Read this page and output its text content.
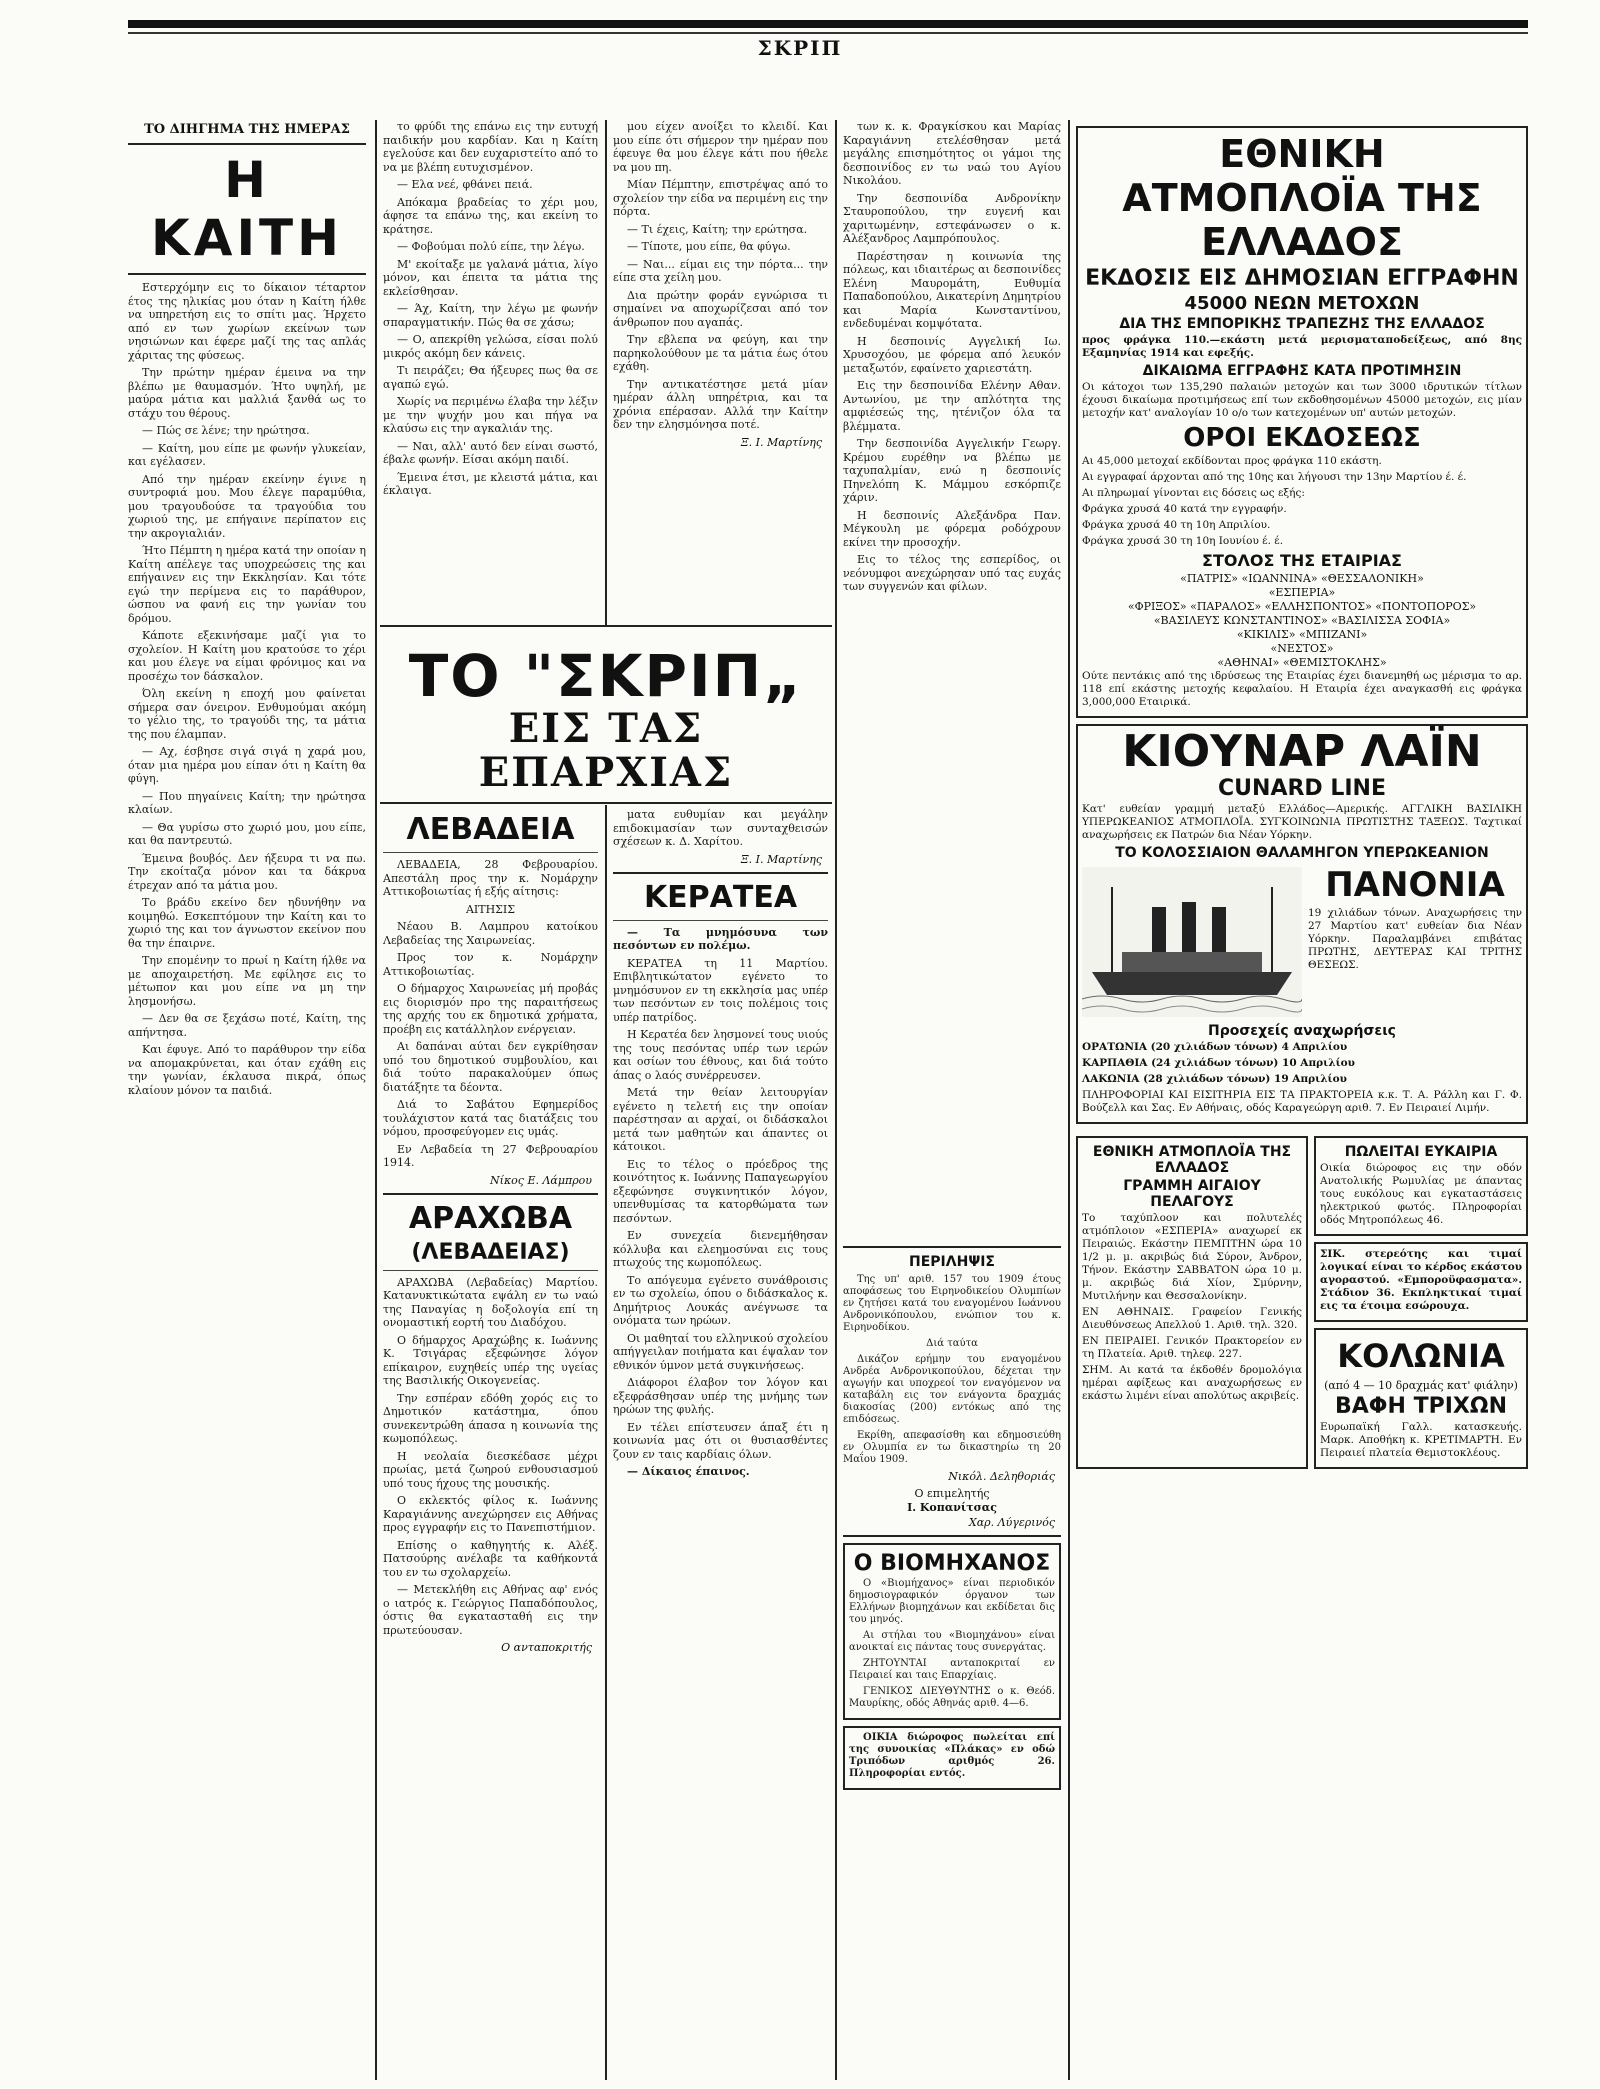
ΣΚΡΙΠ
ΤΟ ΔΙΗΓΗΜΑ ΤΗΣ ΗΜΕΡΑΣ
Η ΚΑΙΤΗ

Εστερχόμην εις το δίκαιον τέταρτον έτος της ηλικίας μου όταν η Καίτη ήλθε να υπηρετήση εις το σπίτι μας. Ήρχετο από εν των χωρίων εκείνων των νησιώνων και έφερε μαζί της τας απλάς χάριτας της φύσεως.

Την πρώτην ημέραν έμεινα να την βλέπω με θαυμασμόν. Ήτο υψηλή, με μαύρα μάτια και μαλλιά ξανθά ως το στάχυ του θέρους.

— Πώς σε λένε; την ηρώτησα.

— Καίτη, μου είπε με φωνήν γλυκείαν, και εγέλασεν.

Από την ημέραν εκείνην έγινε η συντροφιά μου. Μου έλεγε παραμύθια, μου τραγουδούσε τα τραγούδια του χωριού της, με επήγαινε περίπατον εις την ακρογιαλιάν.

Ήτο Πέμπτη η ημέρα κατά την οποίαν η Καίτη απέλεγε τας υποχρεώσεις της και επήγαινεν εις την Εκκλησίαν. Και τότε εγώ την περίμενα εις το παράθυρον, ώσπου να φανή εις την γωνίαν του δρόμου.

Κάποτε εξεκινήσαμε μαζί για το σχολείον. Η Καίτη μου κρατούσε το χέρι και μου έλεγε να είμαι φρόνιμος και να προσέχω τον δάσκαλον.

Όλη εκείνη η εποχή μου φαίνεται σήμερα σαν όνειρον. Ενθυμούμαι ακόμη το γέλιο της, το τραγούδι της, τα μάτια της που έλαμπαν.

— Αχ, έσβησε σιγά σιγά η χαρά μου, όταν μια ημέρα μου είπαν ότι η Καίτη θα φύγη.

— Που πηγαίνεις Καίτη; την ηρώτησα κλαίων.

— Θα γυρίσω στο χωριό μου, μου είπε, και θα παντρευτώ.

Έμεινα βουβός. Δεν ήξευρα τι να πω. Την εκοίταζα μόνον και τα δάκρυα έτρεχαν από τα μάτια μου.

Το βράδυ εκείνο δεν ηδυνήθην να κοιμηθώ. Εσκεπτόμουν την Καίτη και το χωριό της και τον άγνωστον εκείνον που θα την έπαιρνε.

Την επομένην το πρωί η Καίτη ήλθε να με αποχαιρετήση. Με εφίλησε εις το μέτωπον και μου είπε να μη την λησμονήσω.

— Δεν θα σε ξεχάσω ποτέ, Καίτη, της απήντησα.

Και έφυγε. Από το παράθυρον την είδα να απομακρύνεται, και όταν εχάθη εις την γωνίαν, έκλαυσα πικρά, όπως κλαίουν μόνον τα παιδιά.

το φρύδι της επάνω εις την ευτυχή παιδικήν μου καρδίαν. Και η Καίτη εγελούσε και δεν ευχαριστείτο από το να με βλέπη ευτυχισμένον.

— Ελα νεέ, φθάνει πειά.

Απόκαμα βραδείας το χέρι μου, άφησε τα επάνω της, και εκείνη το κράτησε.

— Φοβούμαι πολύ είπε, την λέγω.

Μ' εκοίταξε με γαλανά μάτια, λίγο μόνον, και έπειτα τα μάτια της εκλείσθησαν.

— Άχ, Καίτη, την λέγω με φωνήν σπαραγματικήν. Πώς θα σε χάσω;

— Ο, απεκρίθη γελώσα, είσαι πολύ μικρός ακόμη δεν κάνεις.

Τι πειράζει; Θα ήξευρες πως θα σε αγαπώ εγώ.

Χωρίς να περιμένω έλαβα την λέξιν με την ψυχήν μου και πήγα να κλαύσω εις την αγκαλιάν της.

— Ναι, αλλ' αυτό δεν είναι σωστό, έβαλε φωνήν. Είσαι ακόμη παιδί.

Έμεινα έτσι, με κλειστά μάτια, και έκλαιγα.

μου είχεν ανοίξει το κλειδί. Και μου είπε ότι σήμερον την ημέραν που έφευγε θα μου έλεγε κάτι που ήθελε να μου πη.

Μίαν Πέμπτην, επιστρέψας από το σχολείον την είδα να περιμένη εις την πόρτα.

— Τι έχεις, Καίτη; την ερώτησα.

— Τίποτε, μου είπε, θα φύγω.

— Ναι... είμαι εις την πόρτα... την είπε στα χείλη μου.

Δια πρώτην φοράν εγνώρισα τι σημαίνει να αποχωρίζεσαι από τον άνθρωπον που αγαπάς.

Την εβλεπα να φεύγη, και την παρηκολούθουν με τα μάτια έως ότου εχάθη.

Την αντικατέστησε μετά μίαν ημέραν άλλη υπηρέτρια, και τα χρόνια επέρασαν. Αλλά την Καίτην δεν την ελησμόνησα ποτέ.

Ξ. Ι. Μαρτίνης
ΤΟ "ΣΚΡΙΠ„
ΕΙΣ ΤΑΣ ΕΠΑΡΧΙΑΣ

των κ. κ. Φραγκίσκου και Μαρίας Καραγιάννη ετελέσθησαν μετά μεγάλης επισημότητος οι γάμοι της δεσποινίδος εν τω ναώ του Αγίου Νικολάου.

Την δεσποινίδα Ανδρονίκην Σταυροπούλου, την ευγενή και χαριτωμένην, εστεφάνωσεν ο κ. Αλέξανδρος Λαμπρόπουλος.

Παρέστησαν η κοινωνία της πόλεως, και ιδιαιτέρως αι δεσποινίδες Ελένη Μαυρομάτη, Ευθυμία Παπαδοπούλου, Αικατερίνη Δημητρίου και Μαρία Κωνσταντίνου, ενδεδυμέναι κομψότατα.

Η δεσποινίς Αγγελική Ιω. Χρυσοχόου, με φόρεμα από λευκόν μεταξωτόν, εφαίνετο χαριεστάτη.

Εις την δεσποινίδα Ελένην Αθαν. Αντωνίου, με την απλότητα της αμφιέσεώς της, ητένιζον όλα τα βλέμματα.

Την δεσποινίδα Αγγελικήν Γεωργ. Κρέμου ευρέθην να βλέπω με ταχυπαλμίαν, ενώ η δεσποινίς Πηνελόπη Κ. Μάμμου εσκόρπιζε χάριν.

Η δεσποινίς Αλεξάνδρα Παν. Μέγκουλη με φόρεμα ροδόχρουν εκίνει την προσοχήν.

Εις το τέλος της εσπερίδος, οι νεόνυμφοι ανεχώρησαν υπό τας ευχάς των συγγενών και φίλων.

ΛΕΒΑΔΕΙΑ

ΛΕΒΑΔΕΙΑ, 28 Φεβρουαρίου. Απεστάλη προς την κ. Νομάρχην Αττικοβοιωτίας ή εξής αίτησις:

ΑΙΤΗΣΙΣ

Νέαου Β. Λαμπρου κατοίκου Λεβαδείας της Χαιρωνείας.

Προς τον κ. Νομάρχην Αττικοβοιωτίας.

Ο δήμαρχος Χαιρωνείας μή προβάς εις διορισμόν προ της παραιτήσεως της αρχής του εκ δημοτικά χρήματα, προέβη εις κατάλληλον ενέργειαν.

Αι δαπάναι αύται δεν εγκρίθησαν υπό του δημοτικού συμβουλίου, και διά τούτο παρακαλούμεν όπως διατάξητε τα δέοντα.

Διά το Σαβάτου Εφημερίδος τουλάχιστον κατά τας διατάξεις του νόμου, προσφεύγομεν εις υμάς.

Εν Λεβαδεία τη 27 Φεβρουαρίου 1914.

Νίκος Ε. Λάμπρου
ΑΡΑΧΩΒΑ
(ΛΕΒΑΔΕΙΑΣ)

ΑΡΑΧΩΒΑ (Λεβαδείας) Μαρτίου. Κατανυκτικώτατα εψάλη εν τω ναώ της Παναγίας η δοξολογία επί τη ονομαστική εορτή του Διαδόχου.

Ο δήμαρχος Αραχώβης κ. Ιωάννης Κ. Τσιγάρας εξεφώνησε λόγον επίκαιρον, ευχηθείς υπέρ της υγείας της Βασιλικής Οικογενείας.

Την εσπέραν εδόθη χορός εις το Δημοτικόν κατάστημα, όπου συνεκεντρώθη άπασα η κοινωνία της κωμοπόλεως.

Η νεολαία διεσκέδασε μέχρι πρωίας, μετά ζωηρού ενθουσιασμού υπό τους ήχους της μουσικής.

Ο εκλεκτός φίλος κ. Ιωάννης Καραγιάννης ανεχώρησεν εις Αθήνας προς εγγραφήν εις το Πανεπιστήμιον.

Επίσης ο καθηγητής κ. Αλέξ. Πατσούρης ανέλαβε τα καθήκοντά του εν τω σχολαρχείω.

— Μετεκλήθη εις Αθήνας αφ' ενός ο ιατρός κ. Γεώργιος Παπαδόπουλος, όστις θα εγκατασταθή εις την πρωτεύουσαν.

Ο ανταποκριτής

ματα ευθυμίαν και μεγάλην επιδοκιμασίαν των συνταχθεισών σχέσεων κ. Δ. Χαρίτου.

Ξ. Ι. Μαρτίνης
ΚΕΡΑΤΕΑ

— Τα μνημόσυνα των πεσόντων εν πολέμω.

ΚΕΡΑΤΕΑ τη 11 Μαρτίου. Επιβλητικώτατον εγένετο το μνημόσυνον εν τη εκκλησία μας υπέρ των πεσόντων εν τοις πολέμοις τοις υπέρ πατρίδος.

Η Κερατέα δεν λησμονεί τους υιούς της τους πεσόντας υπέρ των ιερών και οσίων του έθνους, και διά τούτο άπας ο λαός συνέρρευσεν.

Μετά την θείαν λειτουργίαν εγένετο η τελετή εις την οποίαν παρέστησαν αι αρχαί, οι διδάσκαλοι μετά των μαθητών και άπαντες οι κάτοικοι.

Εις το τέλος ο πρόεδρος της κοινότητος κ. Ιωάννης Παπαγεωργίου εξεφώνησε συγκινητικόν λόγον, υπενθυμίσας τα κατορθώματα των πεσόντων.

Εν συνεχεία διενεμήθησαν κόλλυβα και ελεημοσύναι εις τους πτωχούς της κωμοπόλεως.

Το απόγευμα εγένετο συνάθροισις εν τω σχολείω, όπου ο διδάσκαλος κ. Δημήτριος Λουκάς ανέγνωσε τα ονόματα των ηρώων.

Οι μαθηταί του ελληνικού σχολείου απήγγειλαν ποιήματα και έψαλαν τον εθνικόν ύμνον μετά συγκινήσεως.

Διάφοροι έλαβον τον λόγον και εξεφράσθησαν υπέρ της μνήμης των ηρώων της φυλής.

Εν τέλει επίστευσεν άπαξ έτι η κοινωνία μας ότι οι θυσιασθέντες ζουν εν ταις καρδίαις όλων.

— Δίκαιος έπαινος.

ΠΕΡΙΛΗΨΙΣ

Της υπ' αριθ. 157 του 1909 έτους αποφάσεως του Ειρηνοδικείου Ολυμπίων εν ζητήσει κατά του εναγομένου Ιωάννου Ανδρονικόπουλου, ενώπιον του κ. Ειρηνοδίκου.

Διά ταύτα

Δικάζον ερήμην του εναγομένου Ανδρέα Ανδρονικοπούλου, δέχεται την αγωγήν και υποχρεοί τον εναγόμενον να καταβάλη εις τον ενάγοντα δραχμάς διακοσίας (200) εντόκως από της επιδόσεως.

Εκρίθη, απεφασίσθη και εδημοσιεύθη εν Ολυμπία εν τω δικαστηρίω τη 20 Μαΐου 1909.

Νικόλ. Δεληθοριάς
Ο επιμελητής
Ι. Κοπανίτσας
Χαρ. Λύγερινός
Ο ΒΙΟΜΗΧΑΝΟΣ

Ο «Βιομήχανος» είναι περιοδικόν δημοσιογραφικόν όργανον των Ελλήνων βιομηχάνων και εκδίδεται δις του μηνός.

Αι στήλαι του «Βιομηχάνου» είναι ανοικταί εις πάντας τους συνεργάτας.

ΖΗΤΟΥΝΤΑΙ ανταποκριταί εν Πειραιεί και ταις Επαρχίαις.

ΓΕΝΙΚΟΣ ΔΙΕΥΘΥΝΤΗΣ ο κ. Θεόδ. Μαυρίκης, οδός Αθηνάς αριθ. 4—6.

ΟΙΚΙΑ διώροφος πωλείται επί της συνοικίας «Πλάκας» εν οδώ Τριπόδων αριθμός 26. Πληροφορίαι εντός.

ΕΘΝΙΚΗ ΑΤΜΟΠΛΟΪΑ ΤΗΣ ΕΛΛΑΔΟΣ
ΕΚΔΟΣΙΣ ΕΙΣ ΔΗΜΟΣΙΑΝ ΕΓΓΡΑΦΗΝ
45000 ΝΕΩΝ ΜΕΤΟΧΩΝ
ΔΙΑ ΤΗΣ ΕΜΠΟΡΙΚΗΣ ΤΡΑΠΕΖΗΣ ΤΗΣ ΕΛΛΑΔΟΣ

προς φράγκα 110.—εκάστη μετά μερισματαποδείξεως, από 8ης Εξαμηνίας 1914 και εφεξής.

ΔΙΚΑΙΩΜΑ ΕΓΓΡΑΦΗΣ ΚΑΤΑ ΠΡΟΤΙΜΗΣΙΝ

Οι κάτοχοι των 135,290 παλαιών μετοχών και των 3000 ιδρυτικών τίτλων έχουσι δικαίωμα προτιμήσεως επί των εκδοθησομένων 45000 μετοχών, εις μίαν μετοχήν κατ' αναλογίαν 10 ο/ο των κατεχομένων υπ' αυτών μετοχών.

ΟΡΟΙ ΕΚΔΟΣΕΩΣ

Αι 45,000 μετοχαί εκδίδονται προς φράγκα 110 εκάστη.

Αι εγγραφαί άρχονται από της 10ης και λήγουσι την 13ην Μαρτίου έ. έ.

Αι πληρωμαί γίνονται εις δόσεις ως εξής:

Φράγκα χρυσά 40 κατά την εγγραφήν.

Φράγκα χρυσά 40 τη 10η Απριλίου.

Φράγκα χρυσά 30 τη 10η Ιουνίου έ. έ.

ΣΤΟΛΟΣ ΤΗΣ ΕΤΑΙΡΙΑΣ

«ΠΑΤΡΙΣ» «ΙΩΑΝΝΙΝΑ» «ΘΕΣΣΑΛΟΝΙΚΗ»

«ΕΣΠΕΡΙΑ»

«ΦΡΙΞΟΣ» «ΠΑΡΑΛΟΣ» «ΕΛΛΗΣΠΟΝΤΟΣ» «ΠΟΝΤΟΠΟΡΟΣ»

«ΒΑΣΙΛΕΥΣ ΚΩΝΣΤΑΝΤΙΝΟΣ» «ΒΑΣΙΛΙΣΣΑ ΣΟΦΙΑ»

«ΚΙΚΙΛΙΣ» «ΜΠΙΖΑΝΙ»

«ΝΕΣΤΟΣ»

«ΑΘΗΝΑΙ» «ΘΕΜΙΣΤΟΚΛΗΣ»

Ούτε πεντάκις από της ιδρύσεως της Εταιρίας έχει διανεμηθή ως μέρισμα το αρ. 118 επί εκάστης μετοχής κεφαλαίου. Η Εταιρία έχει αναγκασθή εις φράγκα 3,000,000 Εταιρικά.

ΚΙΟΥΝΑΡ ΛΑΪΝ
CUNARD LINE

Κατ' ευθείαν γραμμή μεταξύ Ελλάδος—Αμερικής. ΑΓΓΛΙΚΗ ΒΑΣΙΛΙΚΗ ΥΠΕΡΩΚΕΑΝΙΟΣ ΑΤΜΟΠΛΟΪΑ. ΣΥΓΚΟΙΝΩΝΙΑ ΠΡΩΤΙΣΤΗΣ ΤΑΞΕΩΣ. Ταχτικαί αναχωρήσεις εκ Πατρών δια Νέαν Υόρκην.

ΤΟ ΚΟΛΟΣΣΙΑΙΟΝ ΘΑΛΑΜΗΓΟΝ ΥΠΕΡΩΚΕΑΝΙΟΝ
ΠΑΝΟΝΙΑ

19 χιλιάδων τόνων. Αναχωρήσεις την 27 Μαρτίου κατ' ευθείαν δια Νέαν Υόρκην. Παραλαμβάνει επιβάτας ΠΡΩΤΗΣ, ΔΕΥΤΕΡΑΣ ΚΑΙ ΤΡΙΤΗΣ ΘΕΣΕΩΣ.

Προσεχείς αναχωρήσεις

ΟΡΑΤΩΝΙΑ (20 χιλιάδων τόνων) 4 Απριλίου

ΚΑΡΠΑΘΙΑ (24 χιλιάδων τόνων) 10 Απριλίου

ΛΑΚΩΝΙΑ (28 χιλιάδων τόνων) 19 Απριλίου

ΠΛΗΡΟΦΟΡΙΑΙ ΚΑΙ ΕΙΣΙΤΗΡΙΑ ΕΙΣ ΤΑ ΠΡΑΚΤΟΡΕΙΑ κ.κ. Τ. Α. Ράλλη και Γ. Φ. Βούζελλ και Σας. Εν Αθήναις, οδός Καραγεώργη αριθ. 7. Εν Πειραιεί Λιμήν.

ΕΘΝΙΚΗ ΑΤΜΟΠΛΟΪΑ ΤΗΣ ΕΛΛΑΔΟΣ
ΓΡΑΜΜΗ ΑΙΓΑΙΟΥ ΠΕΛΑΓΟΥΣ

Το ταχύπλοον και πολυτελές ατμόπλοιον «ΕΣΠΕΡΙΑ» αναχωρεί εκ Πειραιώς. Εκάστην ΠΕΜΠΤΗΝ ώρα 10 1/2 μ. μ. ακριβώς διά Σύρον, Άνδρον, Τήνον. Εκάστην ΣΑΒΒΑΤΟΝ ώρα 10 μ. μ. ακριβώς διά Χίον, Σμύρνην, Μυτιλήνην και Θεσσαλονίκην.

ΕΝ ΑΘΗΝΑΙΣ. Γραφείον Γενικής Διευθύνσεως Απελλού 1. Αριθ. τηλ. 320.

ΕΝ ΠΕΙΡΑΙΕΙ. Γενικόν Πρακτορείον εν τη Πλατεία. Αριθ. τηλεφ. 227.

ΣΗΜ. Αι κατά τα έκδοθέν δρομολόγια ημέραι αφίξεως και αναχωρήσεως εν εκάστω λιμένι είναι απολύτως ακριβείς.

ΠΩΛΕΙΤΑΙ ΕΥΚΑΙΡΙΑ

Οικία διώροφος εις την οδόν Ανατολικής Ρωμυλίας με άπαντας τους ευκόλους και εγκαταστάσεις ηλεκτρικού φωτός. Πληροφορίαι οδός Μητροπόλεως 46.

ΣΙΚ. στερεότης και τιμαί λογικαί είναι το κέρδος εκάστου αγοραστού. «Εμποροϋφασματα». Στάδιον 36. Εκπληκτικαί τιμαί εις τα έτοιμα εσώρουχα.

ΚΟΛΩΝΙΑ
(από 4 — 10 δραχμάς κατ' φιάλην)
ΒΑΦΗ ΤΡΙΧΩΝ

Ευρωπαϊκή Γαλλ. κατασκευής. Μαρκ. Αποθήκη κ. ΚΡΕΤΙΜΑΡΤΗ. Εν Πειραιεί πλατεία Θεμιστοκλέους.
